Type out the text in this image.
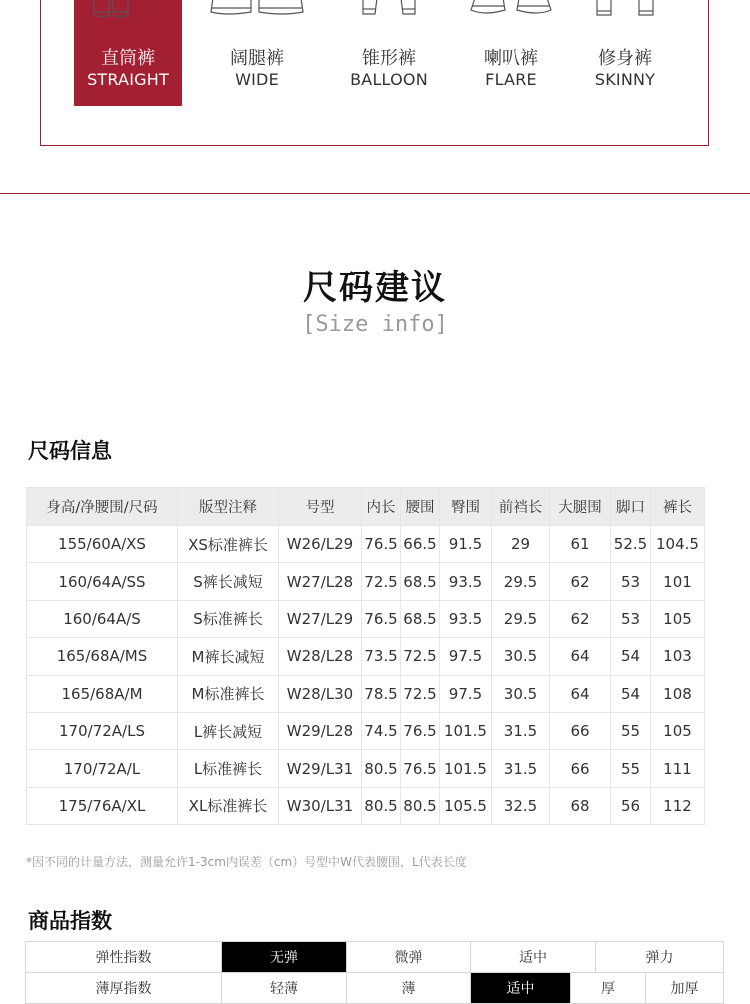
直筒裤
STRAIGHT
阔腿裤
WIDE
锥形裤
BALLOON
喇叭裤
FLARE
修身裤
SKINNY
尺码建议
[Size info]
尺码信息
身高/净腰围/尺码	版型注释	号型	内长	腰围	臀围	前裆长	大腿围	脚口	裤长
155/60A/XS	XS标准裤长	W26/L29	76.5	66.5	91.5	29	61	52.5	104.5
160/64A/SS	S裤长减短	W27/L28	72.5	68.5	93.5	29.5	62	53	101
160/64A/S	S标准裤长	W27/L29	76.5	68.5	93.5	29.5	62	53	105
165/68A/MS	M裤长减短	W28/L28	73.5	72.5	97.5	30.5	64	54	103
165/68A/M	M标准裤长	W28/L30	78.5	72.5	97.5	30.5	64	54	108
170/72A/LS	L裤长减短	W29/L28	74.5	76.5	101.5	31.5	66	55	105
170/72A/L	L标准裤长	W29/L31	80.5	76.5	101.5	31.5	66	55	111
175/76A/XL	XL标准裤长	W30/L31	80.5	80.5	105.5	32.5	68	56	112
*因不同的计量方法，测量允许1-3cm内误差（cm）号型中W代表腰围，L代表长度
商品指数
弹性指数	无弹	微弹	适中		弹力	
薄厚指数	轻薄	薄	适中	厚		加厚
